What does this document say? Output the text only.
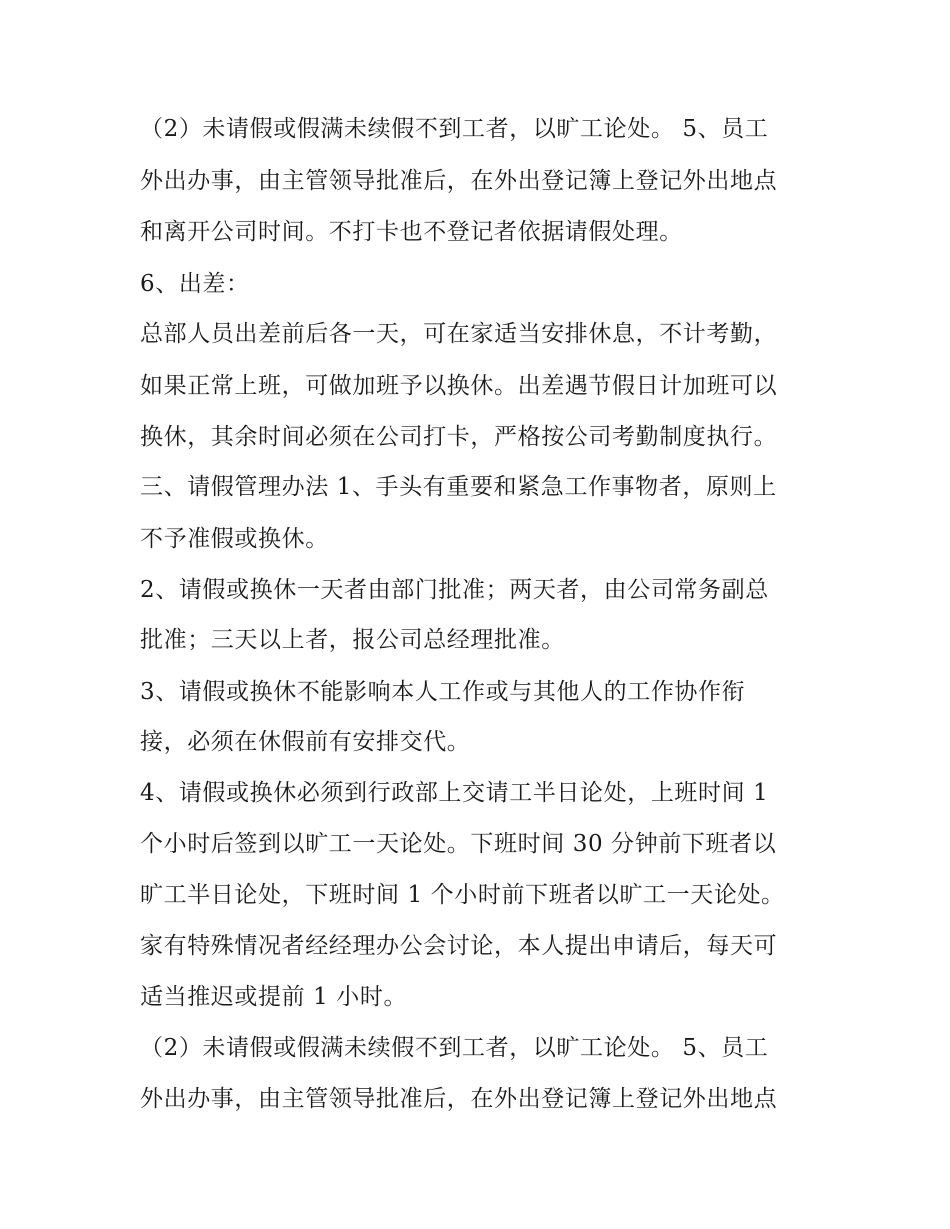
（2）未请假或假满未续假不到工者，以旷工论处。 5、员工
外出办事，由主管领导批准后，在外出登记簿上登记外出地点
和离开公司时间。不打卡也不登记者依据请假处理。
6、出差：
总部人员出差前后各一天，可在家适当安排休息，不计考勤，
如果正常上班，可做加班予以换休。出差遇节假日计加班可以
换休，其余时间必须在公司打卡，严格按公司考勤制度执行。
三、请假管理办法 1、手头有重要和紧急工作事物者，原则上
不予准假或换休。
2、请假或换休一天者由部门批准；两天者，由公司常务副总
批准；三天以上者，报公司总经理批准。
3、请假或换休不能影响本人工作或与其他人的工作协作衔
接，必须在休假前有安排交代。
4、请假或换休必须到行政部上交请工半日论处，上班时间 1
个小时后签到以旷工一天论处。下班时间 30 分钟前下班者以
旷工半日论处，下班时间 1 个小时前下班者以旷工一天论处。
家有特殊情况者经经理办公会讨论，本人提出申请后，每天可
适当推迟或提前 1 小时。
（2）未请假或假满未续假不到工者，以旷工论处。 5、员工
外出办事，由主管领导批准后，在外出登记簿上登记外出地点
